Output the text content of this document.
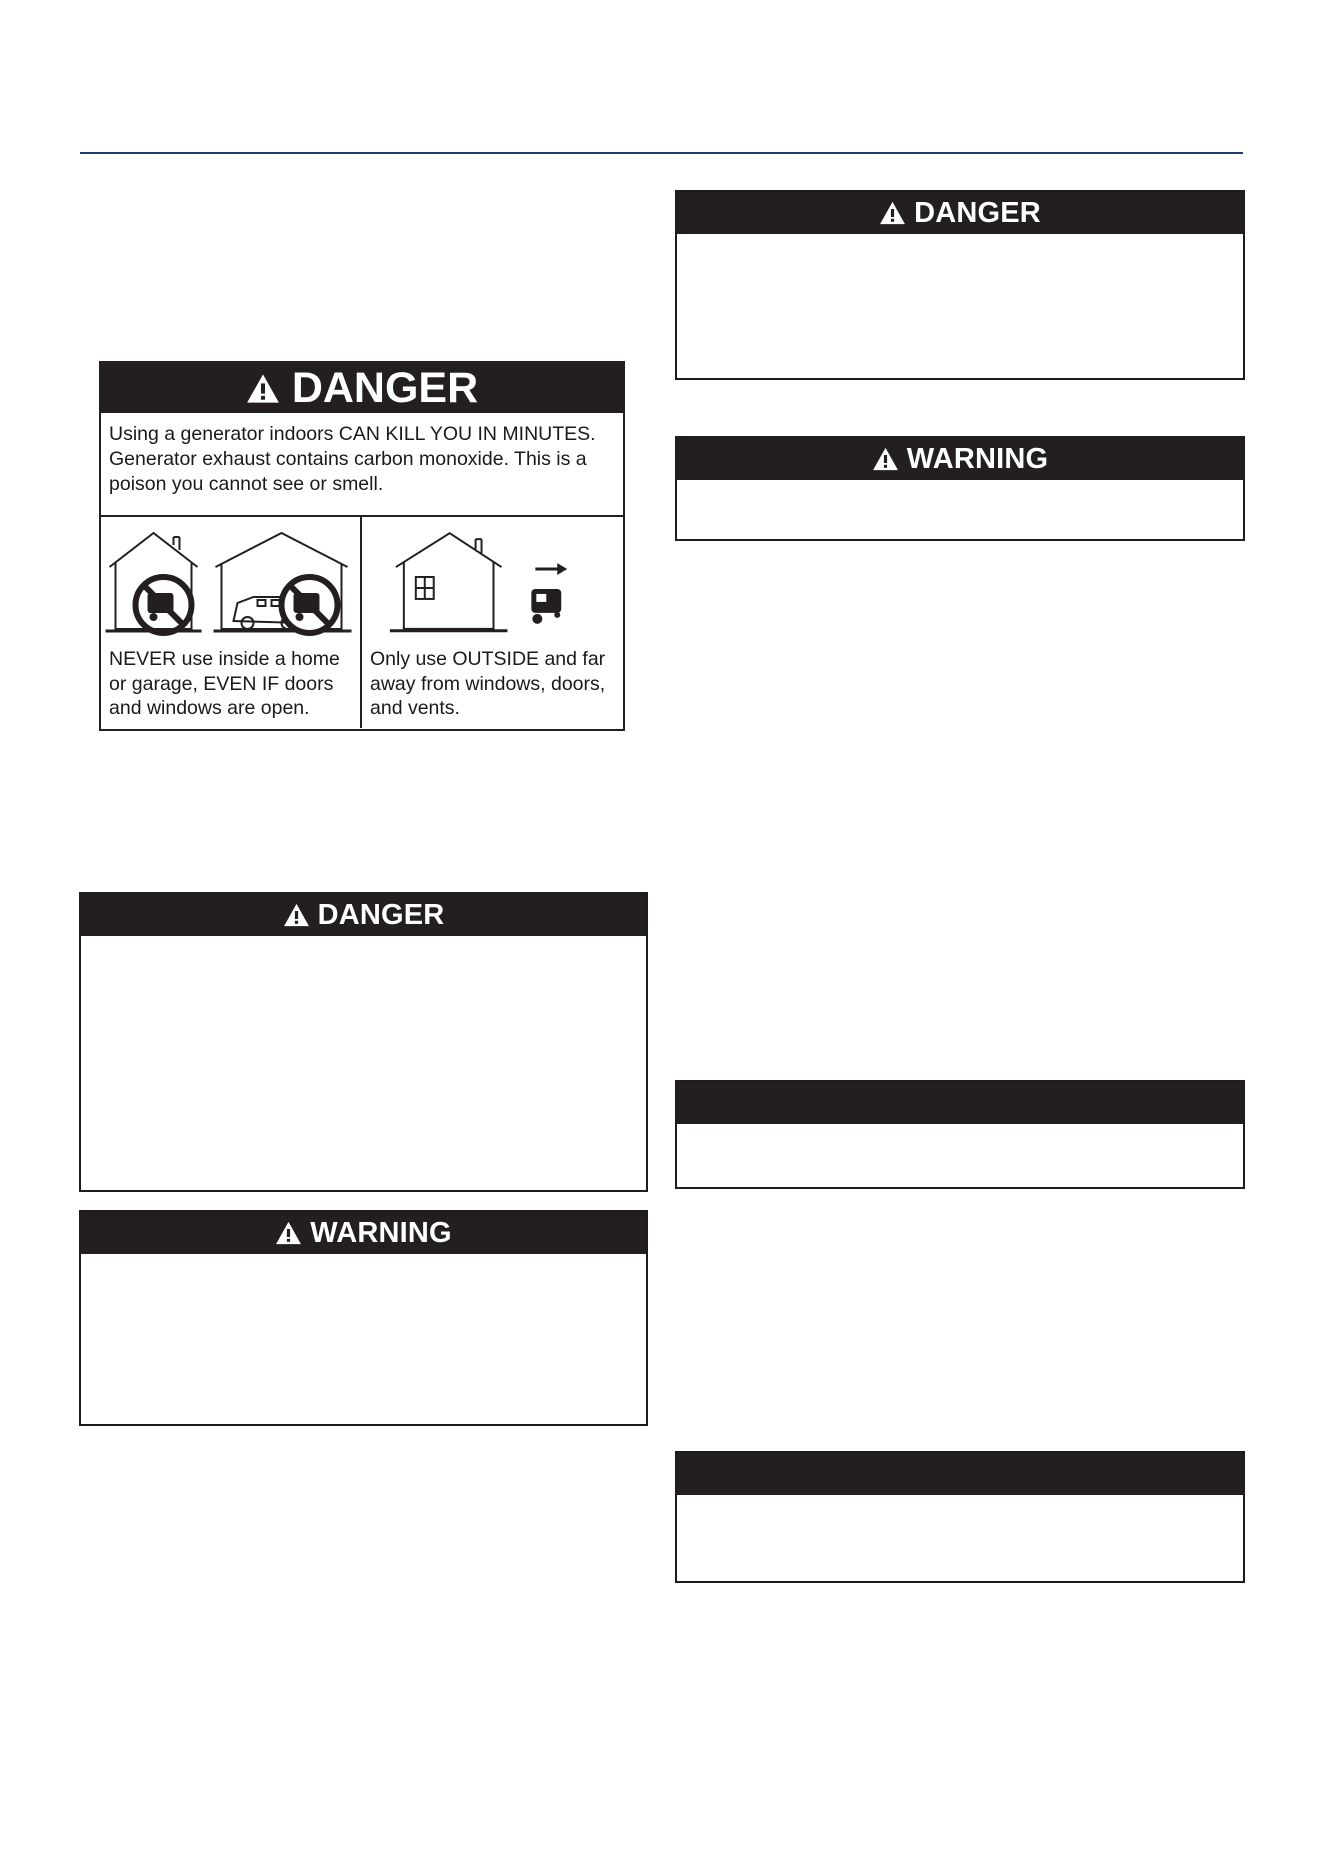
DANGER
Using a generator indoors CAN KILL YOU IN MINUTES. Generator exhaust contains carbon monoxide. This is a poison you cannot see or smell.
NEVER use inside a home or garage, EVEN IF doors and windows are open.
Only use OUTSIDE and far away from windows, doors, and vents.
DANGER
WARNING
DANGER
WARNING
